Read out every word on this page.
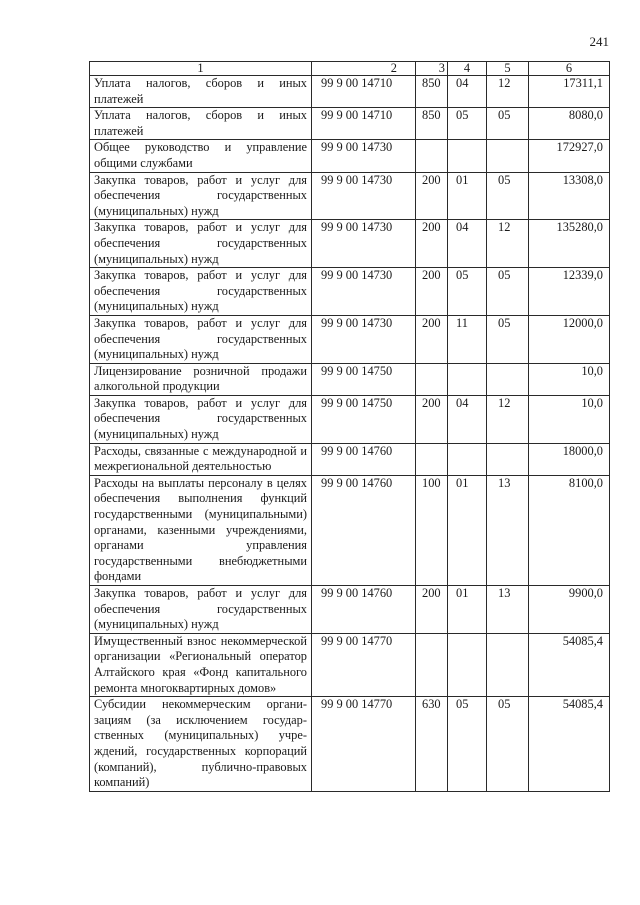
241
1	2	3	4	5	6
Уплата налогов, сборов и иных платежей	99 9 00 14710	850	04	12	17311,1
Уплата налогов, сборов и иных платежей	99 9 00 14710	850	05	05	8080,0
Общее руководство и управление общими службами	99 9 00 14730				172927,0
Закупка товаров, работ и услуг для обеспечения государственных (муниципальных) нужд	99 9 00 14730	200	01	05	13308,0
Закупка товаров, работ и услуг для обеспечения государственных (муниципальных) нужд	99 9 00 14730	200	04	12	135280,0
Закупка товаров, работ и услуг для обеспечения государственных (муниципальных) нужд	99 9 00 14730	200	05	05	12339,0
Закупка товаров, работ и услуг для обеспечения государственных (муниципальных) нужд	99 9 00 14730	200	11	05	12000,0
Лицензирование розничной продажи алкогольной продукции	99 9 00 14750				10,0
Закупка товаров, работ и услуг для обеспечения государственных (муниципальных) нужд	99 9 00 14750	200	04	12	10,0
Расходы, связанные с международной и межрегиональной деятельностью	99 9 00 14760				18000,0
Расходы на выплаты персоналу в целях обеспечения выполнения функций государственными (муниципальными) органами, казенными учреждениями, органами управления государственными внебюджетными фондами	99 9 00 14760	100	01	13	8100,0
Закупка товаров, работ и услуг для обеспечения государственных (муниципальных) нужд	99 9 00 14760	200	01	13	9900,0
Имущественный взнос некоммерческой организации «Региональный оператор Алтайского края «Фонд капитального ремонта многоквартирных домов»	99 9 00 14770				54085,4
Субсидии некоммерческим организациям (за исключением государственных (муниципальных) учреждений, государственных корпораций (компаний), публично-правовых компаний)	99 9 00 14770	630	05	05	54085,4
